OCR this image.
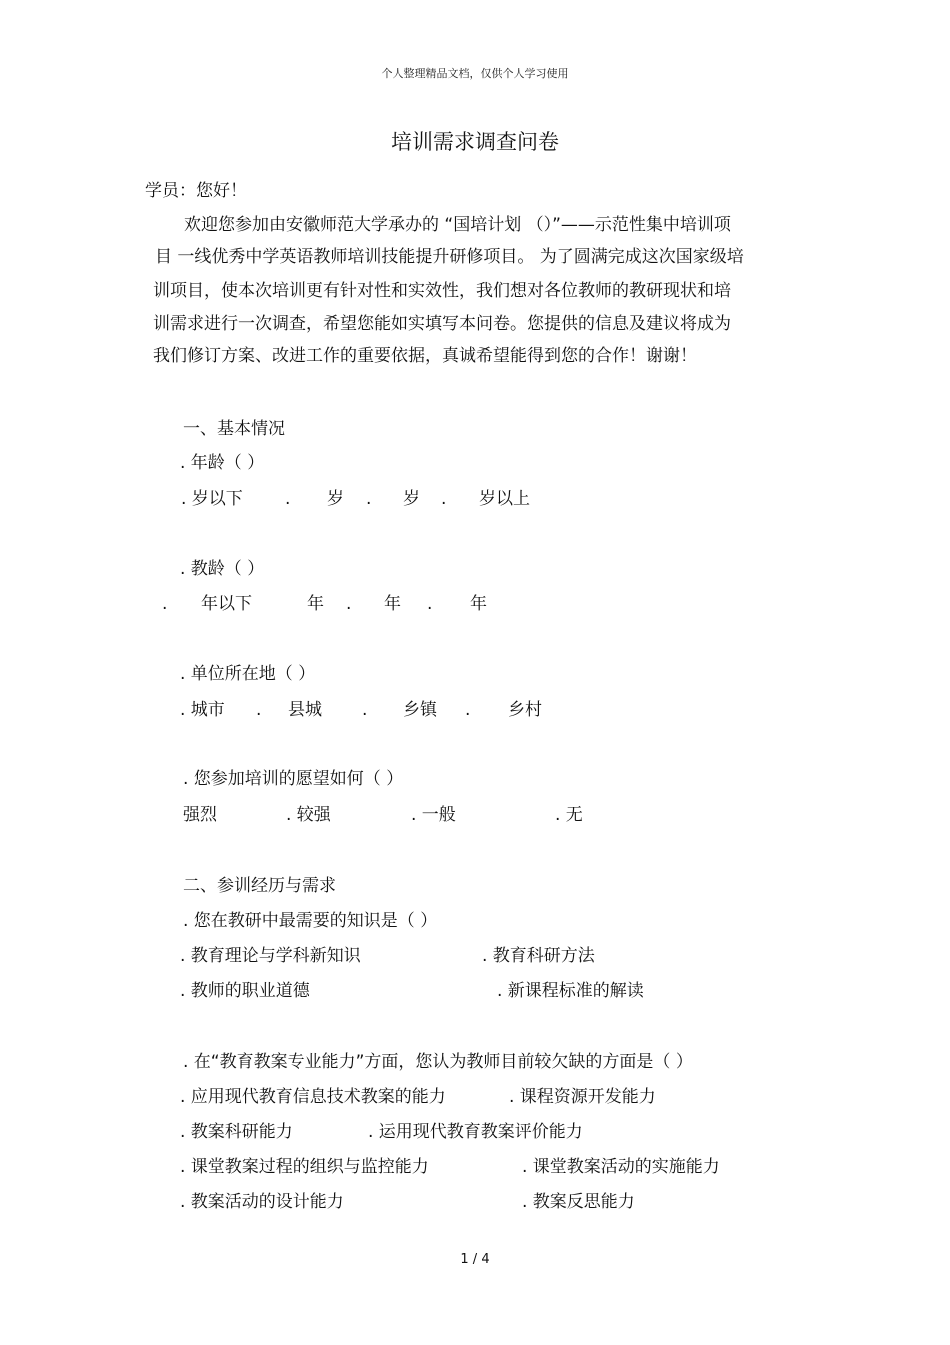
个人整理精品文档，仅供个人学习使用
培训需求调查问卷
学员：您好！
欢迎您参加由安徽师范大学承办的 “国培计划 （）”——示范性集中培训项
目 一线优秀中学英语教师培训技能提升研修项目。 为了圆满完成这次国家级培
训项目，使本次培训更有针对性和实效性，我们想对各位教师的教研现状和培
训需求进行一次调查，希望您能如实填写本问卷。您提供的信息及建议将成为
我们修订方案、改进工作的重要依据，真诚希望能得到您的合作！谢谢！
一、基本情况
. 年龄（ ）
. 岁以下 . 岁 . 岁 . 岁以上
. 教龄（ ）
. 年以下	年 . 年 . 年
. 单位所在地（ ）
. 城市 . 县城 . 乡镇 . 乡村
. 您参加培训的愿望如何（ ）
强烈	. 较强	. 一般	. 无
二、参训经历与需求
. 您在教研中最需要的知识是（ ）
. 教育理论与学科新知识	. 教育科研方法
. 教师的职业道德	. 新课程标准的解读
. 在“教育教案专业能力”方面，您认为教师目前较欠缺的方面是（ ）
. 应用现代教育信息技术教案的能力	. 课程资源开发能力
. 教案科研能力	. 运用现代教育教案评价能力
. 课堂教案过程的组织与监控能力	. 课堂教案活动的实施能力
. 教案活动的设计能力	. 教案反思能力
1 / 4
